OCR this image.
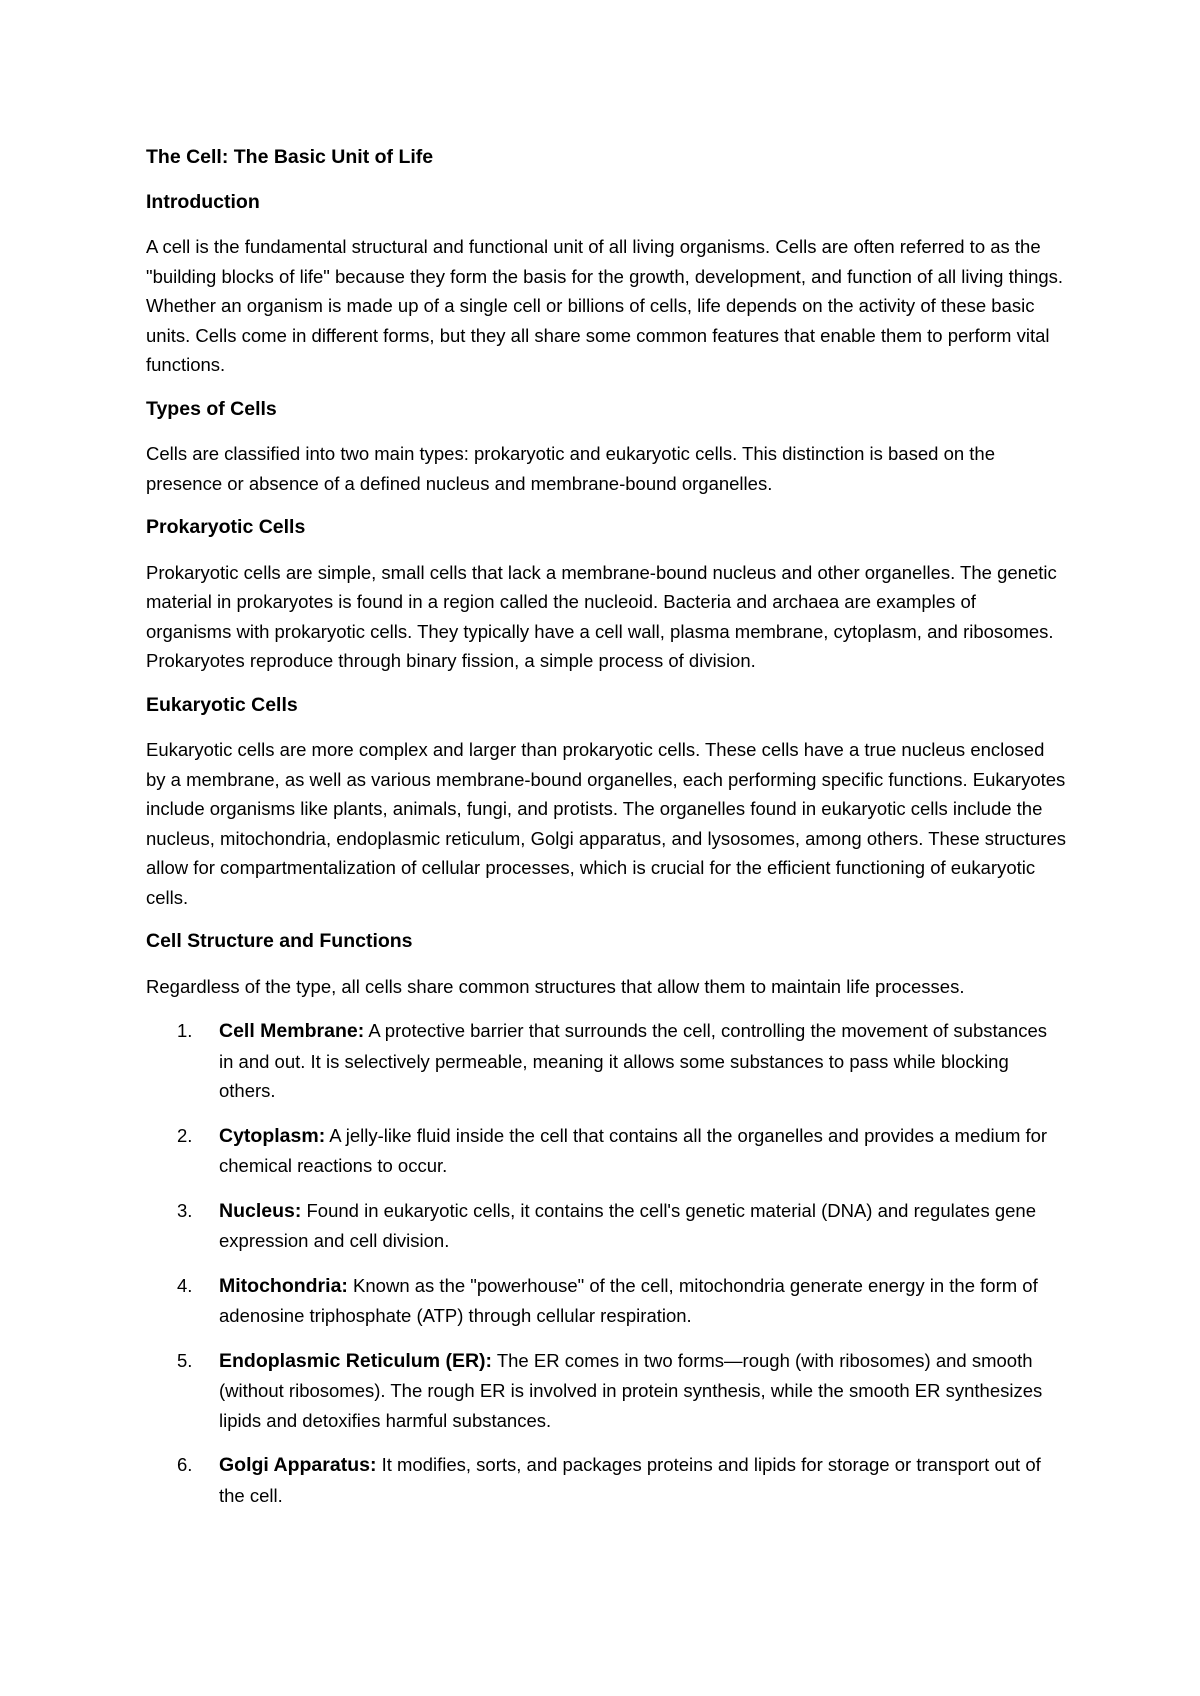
The Cell: The Basic Unit of Life
Introduction

A cell is the fundamental structural and functional unit of all living organisms. Cells are often referred to as the "building blocks of life" because they form the basis for the growth, development, and function of all living things. Whether an organism is made up of a single cell or billions of cells, life depends on the activity of these basic units. Cells come in different forms, but they all share some common features that enable them to perform vital functions.

Types of Cells

Cells are classified into two main types: prokaryotic and eukaryotic cells. This distinction is based on the presence or absence of a defined nucleus and membrane-bound organelles.

Prokaryotic Cells

Prokaryotic cells are simple, small cells that lack a membrane-bound nucleus and other organelles. The genetic material in prokaryotes is found in a region called the nucleoid. Bacteria and archaea are examples of organisms with prokaryotic cells. They typically have a cell wall, plasma membrane, cytoplasm, and ribosomes. Prokaryotes reproduce through binary fission, a simple process of division.

Eukaryotic Cells

Eukaryotic cells are more complex and larger than prokaryotic cells. These cells have a true nucleus enclosed by a membrane, as well as various membrane-bound organelles, each performing specific functions. Eukaryotes include organisms like plants, animals, fungi, and protists. The organelles found in eukaryotic cells include the nucleus, mitochondria, endoplasmic reticulum, Golgi apparatus, and lysosomes, among others. These structures allow for compartmentalization of cellular processes, which is crucial for the efficient functioning of eukaryotic cells.

Cell Structure and Functions

Regardless of the type, all cells share common structures that allow them to maintain life processes.

1. Cell Membrane: A protective barrier that surrounds the cell, controlling the movement of substances in and out. It is selectively permeable, meaning it allows some substances to pass while blocking others.
2. Cytoplasm: A jelly-like fluid inside the cell that contains all the organelles and provides a medium for chemical reactions to occur.
3. Nucleus: Found in eukaryotic cells, it contains the cell's genetic material (DNA) and regulates gene expression and cell division.
4. Mitochondria: Known as the "powerhouse" of the cell, mitochondria generate energy in the form of adenosine triphosphate (ATP) through cellular respiration.
5. Endoplasmic Reticulum (ER): The ER comes in two forms—rough (with ribosomes) and smooth (without ribosomes). The rough ER is involved in protein synthesis, while the smooth ER synthesizes lipids and detoxifies harmful substances.
6. Golgi Apparatus: It modifies, sorts, and packages proteins and lipids for storage or transport out of the cell.
